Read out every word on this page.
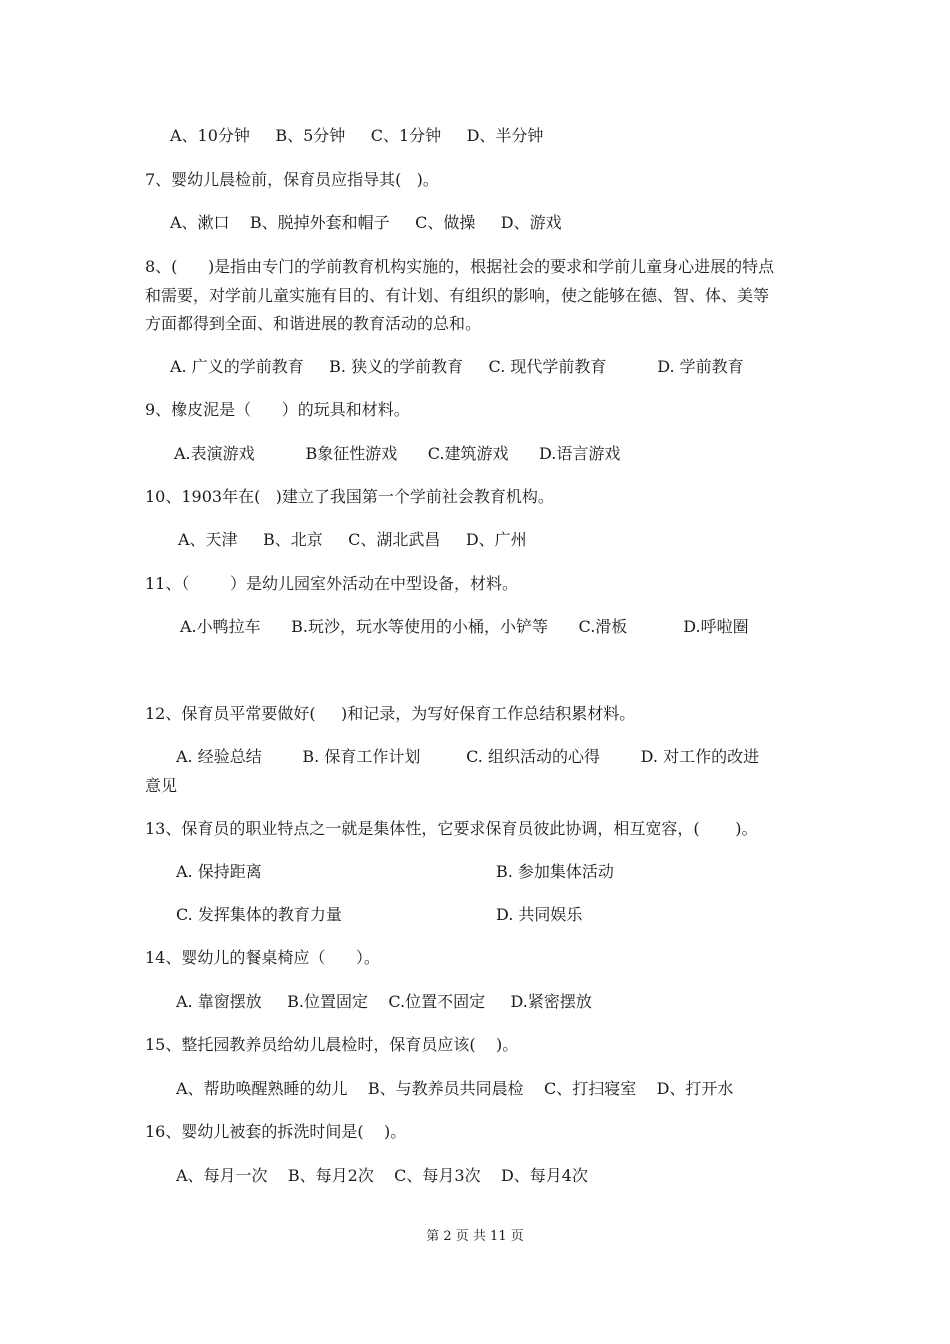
A、10分钟     B、5分钟     C、1分钟     D、半分钟

7、婴幼儿晨检前，保育员应指导其(   )。

A、漱口    B、脱掉外套和帽子     C、做操     D、游戏

8、(      )是指由专门的学前教育机构实施的，根据社会的要求和学前儿童身心进展的特点

和需要，对学前儿童实施有目的、有计划、有组织的影响，使之能够在德、智、体、美等

方面都得到全面、和谐进展的教育活动的总和。

A. 广义的学前教育     B. 狭义的学前教育     C. 现代学前教育          D. 学前教育

9、橡皮泥是（      ）的玩具和材料。

A.表演游戏          B象征性游戏      C.建筑游戏      D.语言游戏

10、1903年在(   )建立了我国第一个学前社会教育机构。

A、天津     B、北京     C、湖北武昌     D、广州

11、（        ）是幼儿园室外活动在中型设备，材料。

A.小鸭拉车      B.玩沙，玩水等使用的小桶，小铲等      C.滑板           D.呼啦圈

12、保育员平常要做好(     )和记录，为写好保育工作总结积累材料。

A. 经验总结        B. 保育工作计划         C. 组织活动的心得        D. 对工作的改进

意见

13、保育员的职业特点之一就是集体性，它要求保育员彼此协调，相互宽容，(       )。

A. 保持距离	B. 参加集体活动

C. 发挥集体的教育力量	D. 共同娱乐

14、婴幼儿的餐桌椅应（      ）。

A. 靠窗摆放     B.位置固定    C.位置不固定     D.紧密摆放

15、整托园教养员给幼儿晨检时，保育员应该(    )。

A、帮助唤醒熟睡的幼儿    B、与教养员共同晨检    C、打扫寝室    D、打开水

16、婴幼儿被套的拆洗时间是(    )。

A、每月一次    B、每月2次    C、每月3次    D、每月4次

第 2 页 共 11 页
